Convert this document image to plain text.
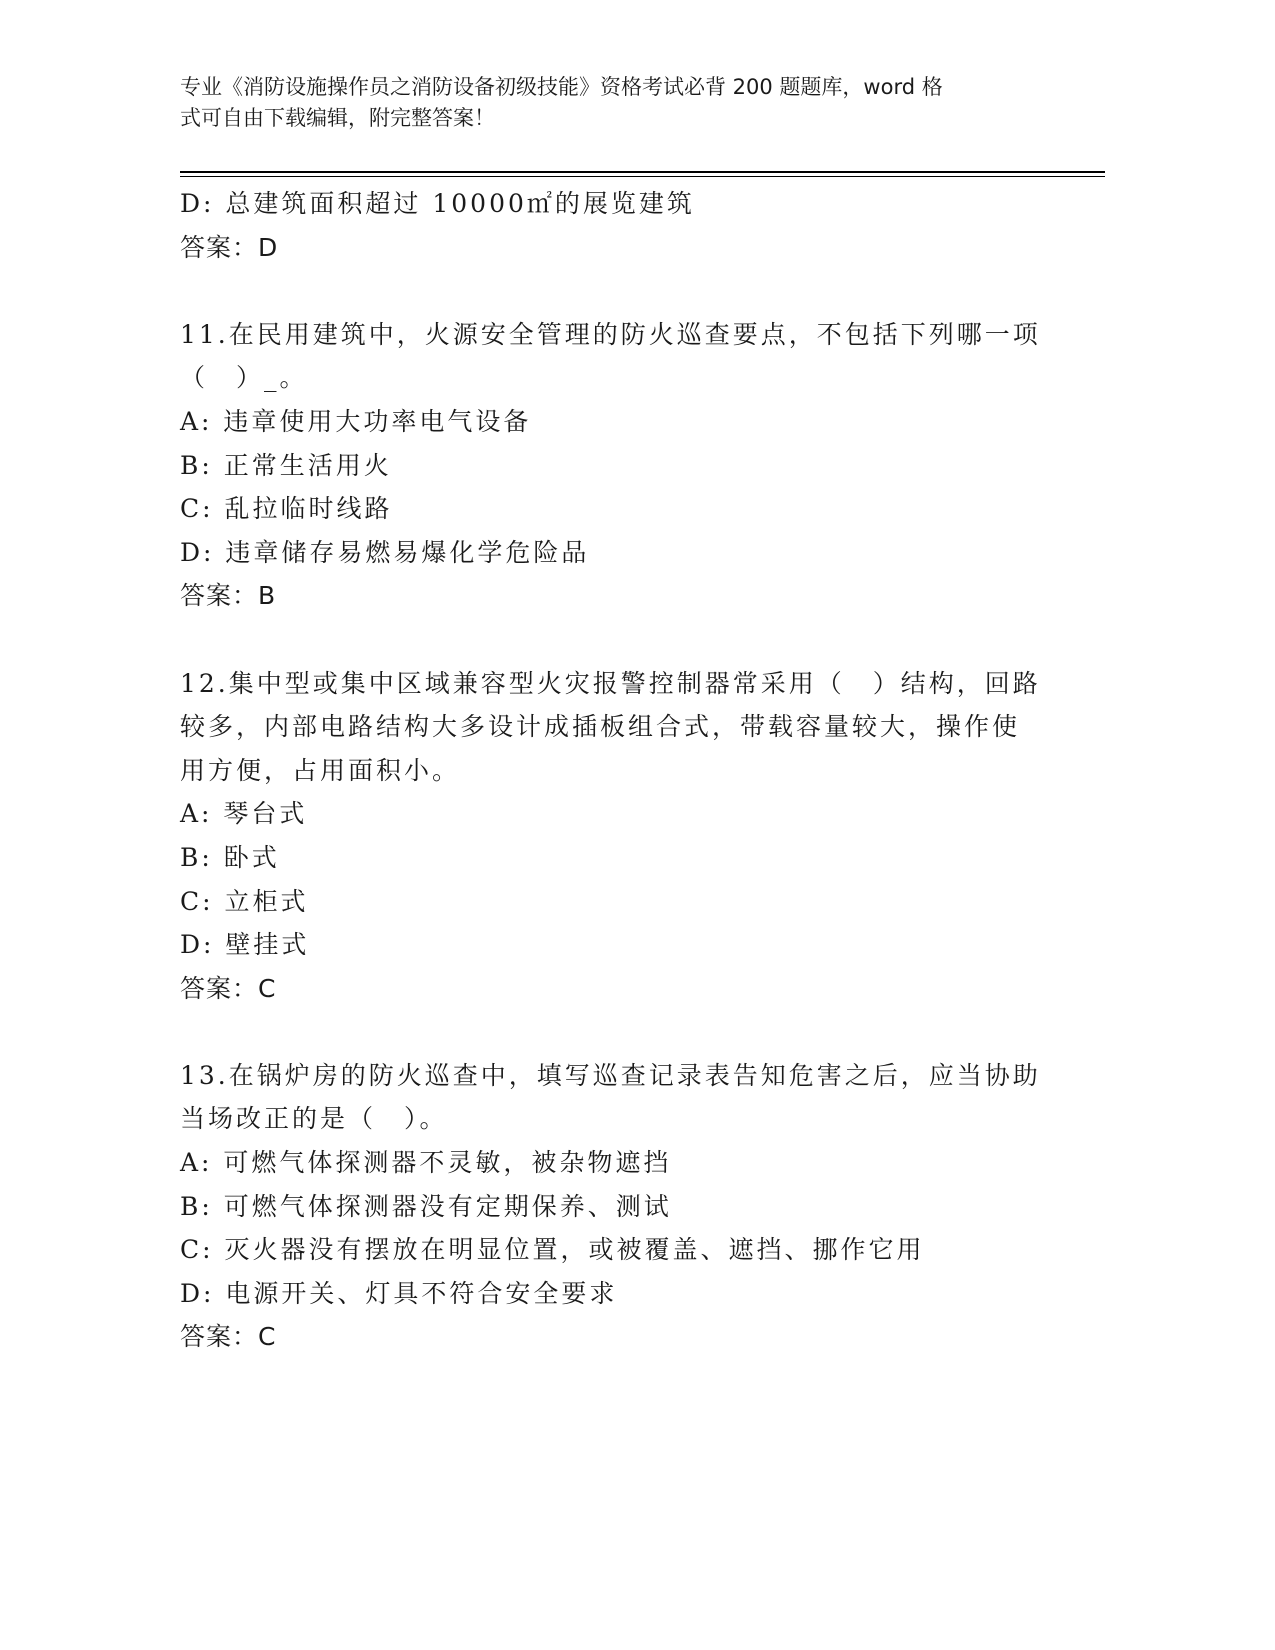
专业《消防设施操作员之消防设备初级技能》资格考试必背 200 题题库，word 格
式可自由下载编辑，附完整答案！
D: 总建筑面积超过 10000㎡的展览建筑
答案：D
11.在民用建筑中，火源安全管理的防火巡查要点，不包括下列哪一项
（　）_。
A: 违章使用大功率电气设备
B: 正常生活用火
C: 乱拉临时线路
D: 违章储存易燃易爆化学危险品
答案：B
12.集中型或集中区域兼容型火灾报警控制器常采用（　）结构，回路
较多，内部电路结构大多设计成插板组合式，带载容量较大，操作使
用方便，占用面积小。
A: 琴台式
B: 卧式
C: 立柜式
D: 壁挂式
答案：C
13.在锅炉房的防火巡查中，填写巡查记录表告知危害之后，应当协助
当场改正的是（　）。
A: 可燃气体探测器不灵敏，被杂物遮挡
B: 可燃气体探测器没有定期保养、测试
C: 灭火器没有摆放在明显位置，或被覆盖、遮挡、挪作它用
D: 电源开关、灯具不符合安全要求
答案：C
